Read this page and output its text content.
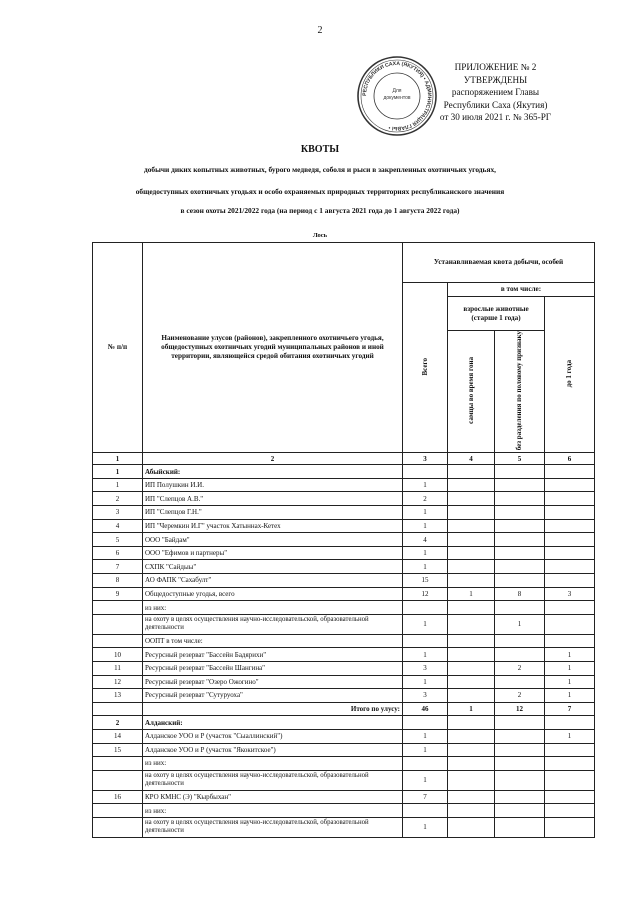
2
РЕСПУБЛИКИ САХА (ЯКУТИЯ) • АДМИНИСТРАЦИЯ ГЛАВЫ •
Для
документов
ПРИЛОЖЕНИЕ № 2
УТВЕРЖДЕНЫ
распоряжением Главы
Республики Саха (Якутия)
от 30 июля 2021 г. № 365-РГ
КВОТЫ
добычи диких копытных животных, бурого медведя, соболя и рыси в закрепленных охотничьих угодьях,
общедоступных охотничьих угодьях и особо охраняемых природных территориях республиканского значения
в сезон охоты 2021/2022 года (на период с 1 августа 2021 года до 1 августа 2022 года)
Лось
№ п/п	Наименование улусов (районов), закрепленного охотничьего угодья, общедоступных охотничьих угодий муниципальных районов и иной территории, являющейся средой обитания охотничьих угодий	Устанавливаемая квота добычи, особей			
		Всего	в том числе:		
			взрослые животные (старше 1 года)		до 1 года
			самцы во время гона	без разделения по половому признаку	
1	2	3	4	5	6
1	Абыйский:				
1	ИП Полушкин И.И.	1			
2	ИП "Слепцов А.В."	2			
3	ИП "Слепцов Г.Н."	1			
4	ИП "Черемкин И.Г" участок Хатыннах-Кетех	1			
5	ООО "Байдам"	4			
6	ООО "Ефимов и партнеры"	1			
7	СХПК "Сайдыы"	1			
8	АО ФАПК "Сахабулт"	15			
9	Общедоступные угодья, всего	12	1	8	3
	из них:				
	на охоту в целях осуществления научно-исследовательской, образовательной деятельности	1		1	
	ООПТ в том числе:				
10	Ресурсный резерват "Бассейн Бадярихи"	1			1
11	Ресурсный резерват "Бассейн Шангина"	3		2	1
12	Ресурсный резерват "Озеро Ожогино"	1			1
13	Ресурсный резерват "Сутуруоха"	3		2	1
	Итого по улусу:	46	1	12	7
2	Алданский:				
14	Алданское УОО и Р (участок "Сыаллинский")	1			1
15	Алданское УОО и Р (участок "Якокитское")	1			
	из них:				
	на охоту в целях осуществления научно-исследовательской, образовательной деятельности	1			
16	КРО КМНС (Э) "Кырбыхан"	7			
	из них:				
	на охоту в целях осуществления научно-исследовательской, образовательной деятельности	1			
